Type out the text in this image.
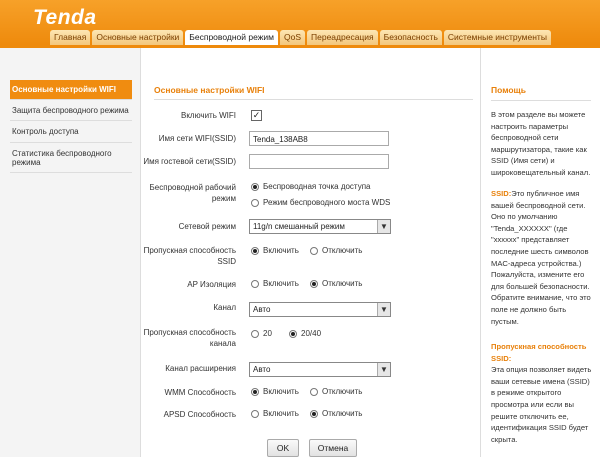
Tenda
Главная	Основные настройки	Беспроводной режим	QoS	Переадресация	Безопасность	Системные инструменты
Основные настройки WIFI
Защита беспроводного режима
Контроль доступа
Статистика беспроводного режима
Основные настройки WIFI
Включить WIFI ✓
Имя сети WIFI(SSID)	Tenda_138AB8
Имя гостевой сети(SSID)
Беспроводной рабочий
режим
Беспроводная точка доступа
Режим беспроводного моста WDS
Сетевой режим	11g/n смешанный режим	▼
Пропускная способность
SSID
Включить	Отключить
AP Изоляция	Включить	Отключить
Канал	Авто	▼
Пропускная способность
канала
20	20/40
Канал расширения	Авто	▼
WMM Способность	Включить	Отключить
APSD Способность	Включить	Отключить
OK	Отмена
Помощь
В этом разделе вы можете настроить параметры беспроводной сети маршрутизатора, такие как SSID (Имя сети) и широковещательный канал.
SSID:Это публичное имя вашей беспроводной сети. Оно по умолчанию "Tenda_XXXXXX" (где "xxxxxx" представляет последние шесть символов MAC-адреса устройства.) Пожалуйста, измените его для большей безопасности. Обратите внимание, что это поле не должно быть пустым.
Пропускная способность SSID:
Эта опция позволяет видеть ваши сетевые имена (SSID) в режиме открытого просмотра или если вы решите отключить ее, идентификация SSID будет скрыта.
